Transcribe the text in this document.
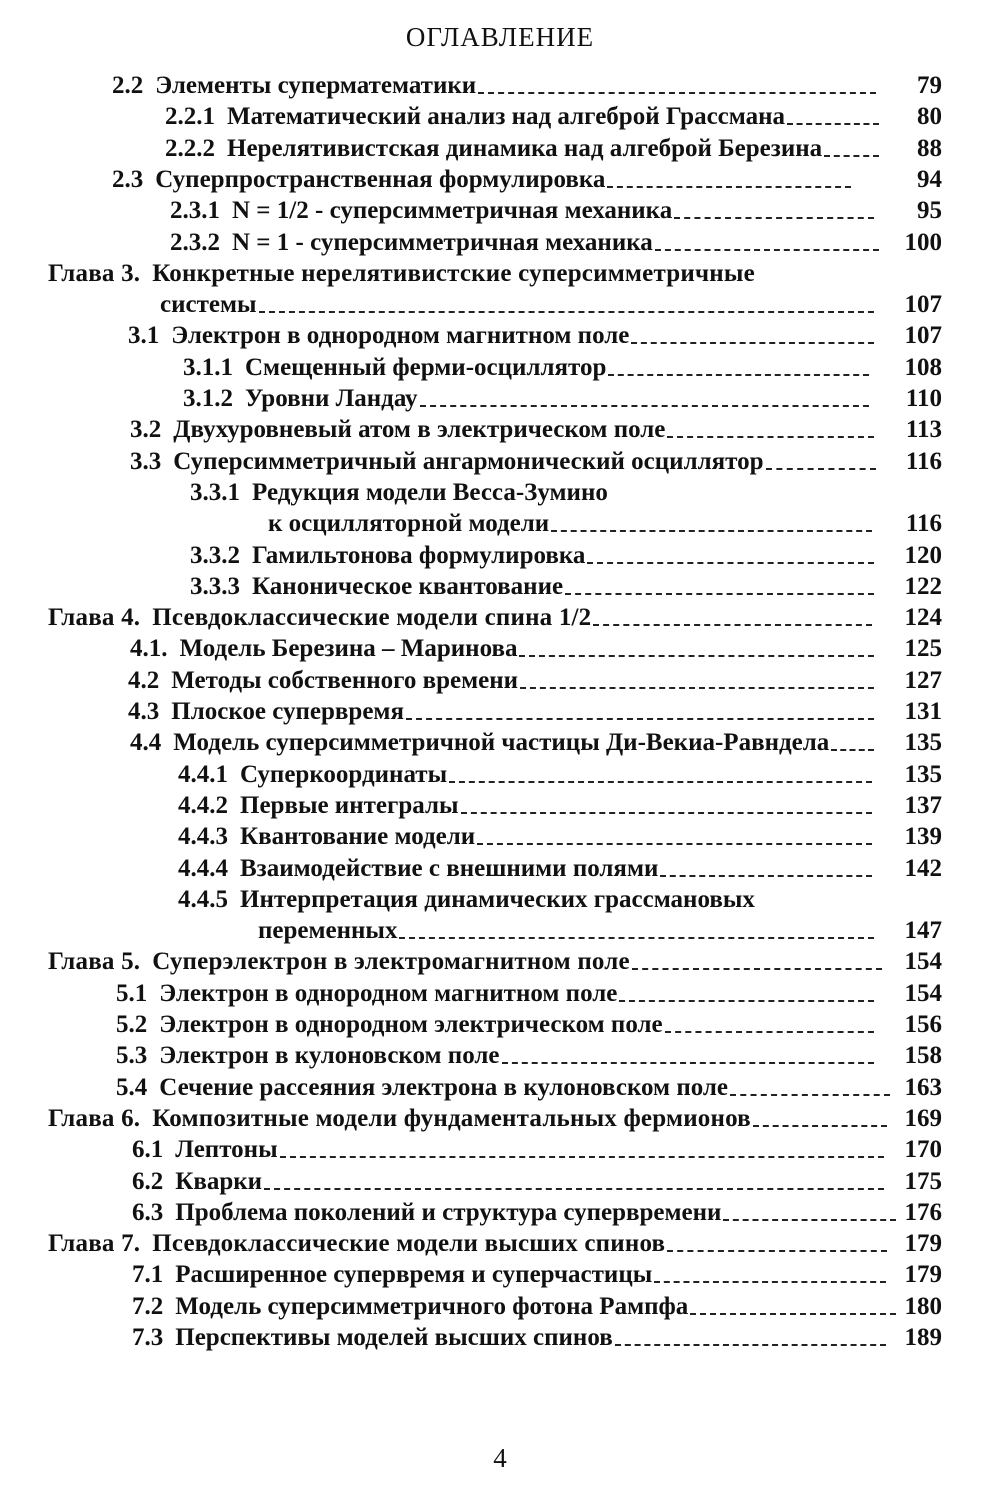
ОГЛАВЛЕНИЕ
2.2 Элементы суперматематики	79
2.2.1 Математический анализ над алгеброй Грассмана	80
2.2.2 Нерелятивистская динамика над алгеброй Березина	88
2.3 Суперпространственная формулировка	94
2.3.1 N = 1/2 - суперсимметричная механика	95
2.3.2 N = 1 - суперсимметричная механика	100
Глава 3. Конкретные нерелятивистские суперсимметричные
системы	107
3.1 Электрон в однородном магнитном поле	107
3.1.1 Смещенный ферми-осциллятор	108
3.1.2 Уровни Ландау	110
3.2 Двухуровневый атом в электрическом поле	113
3.3 Суперсимметричный ангармонический осциллятор	116
3.3.1 Редукция модели Весса-Зумино
к осцилляторной модели	116
3.3.2 Гамильтонова формулировка	120
3.3.3 Каноническое квантование	122
Глава 4. Псевдоклассические модели спина 1/2	124
4.1. Модель Березина – Маринова	125
4.2 Методы собственного времени	127
4.3 Плоское супервремя	131
4.4 Модель суперсимметричной частицы Ди-Векиа-Равндела	135
4.4.1 Суперкоординаты	135
4.4.2 Первые интегралы	137
4.4.3 Квантование модели	139
4.4.4 Взаимодействие с внешними полями	142
4.4.5 Интерпретация динамических грассмановых
переменных	147
Глава 5. Суперэлектрон в электромагнитном поле	154
5.1 Электрон в однородном магнитном поле	154
5.2 Электрон в однородном электрическом поле	156
5.3 Электрон в кулоновском поле	158
5.4 Сечение рассеяния электрона в кулоновском поле	163
Глава 6. Композитные модели фундаментальных фермионов	169
6.1 Лептоны	170
6.2 Кварки	175
6.3 Проблема поколений и структура супервремени	176
Глава 7. Псевдоклассические модели высших спинов	179
7.1 Расширенное супервремя и суперчастицы	179
7.2 Модель суперсимметричного фотона Рампфа	180
7.3 Перспективы моделей высших спинов	189
4
